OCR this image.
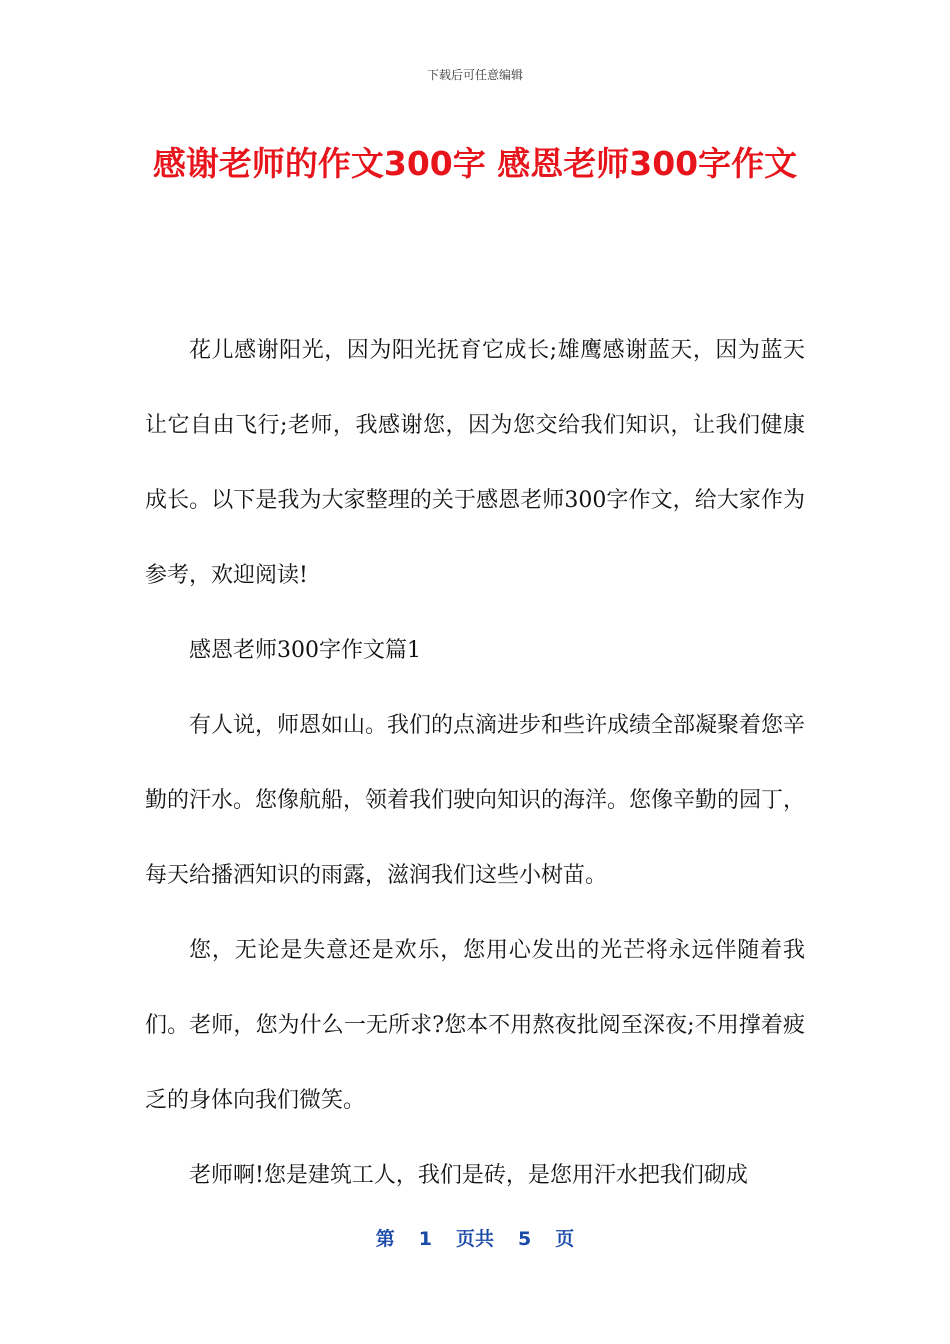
下载后可任意编辑
感谢老师的作文300字 感恩老师300字作文

花儿感谢阳光，因为阳光抚育它成长;雄鹰感谢蓝天，因为蓝天让它自由飞行;老师，我感谢您，因为您交给我们知识，让我们健康成长。以下是我为大家整理的关于感恩老师300字作文，给大家作为参考，欢迎阅读!

感恩老师300字作文篇1

有人说，师恩如山。我们的点滴进步和些许成绩全部凝聚着您辛勤的汗水。您像航船，领着我们驶向知识的海洋。您像辛勤的园丁，每天给播洒知识的雨露，滋润我们这些小树苗。

您，无论是失意还是欢乐，您用心发出的光芒将永远伴随着我们。老师，您为什么一无所求?您本不用熬夜批阅至深夜;不用撑着疲乏的身体向我们微笑。

老师啊!您是建筑工人，我们是砖，是您用汗水把我们砌成

第 1 页共 5 页
